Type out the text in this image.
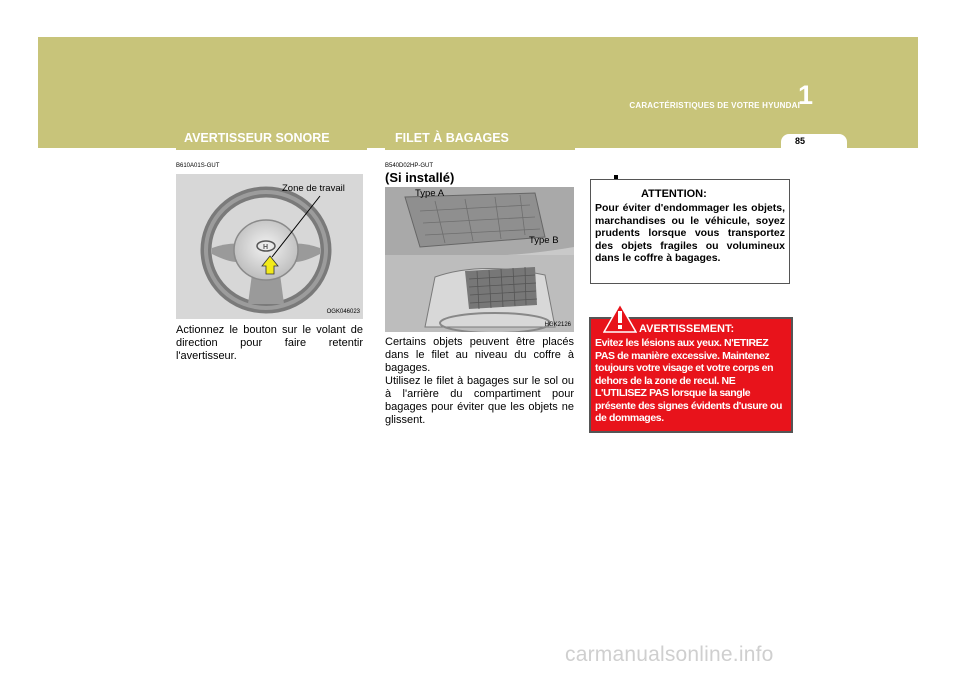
CARACTÉRISTIQUES DE VOTRE HYUNDAI
1
85
AVERTISSEUR SONORE	FILET À BAGAGES
B610A01S-GUT
H
Zone de travail
OGK046023

Actionnez le bouton sur le volant de direction pour faire retentir l'avertisseur.

B540D02HP-GUT
(Si installé)
Type A
Type B
HGK2126

Certains objets peuvent être placés dans le filet au niveau du coffre à bagages.

Utilisez le filet à bagages sur le sol ou à l'arrière du compartiment pour bagages pour éviter que les objets ne glissent.

ATTENTION:
Pour éviter d'endommager les objets, marchandises ou le véhicule, soyez prudents lorsque vous transportez des objets fragiles ou volumineux dans le coffre à bagages.
AVERTISSEMENT:
Evitez les lésions aux yeux. N'ETIREZ PAS de manière excessive. Maintenez toujours votre visage et votre corps en dehors de la zone de recul. NE L'UTILISEZ PAS lorsque la sangle présente des signes évidents d'usure ou de dommages.
carmanualsonline.info
